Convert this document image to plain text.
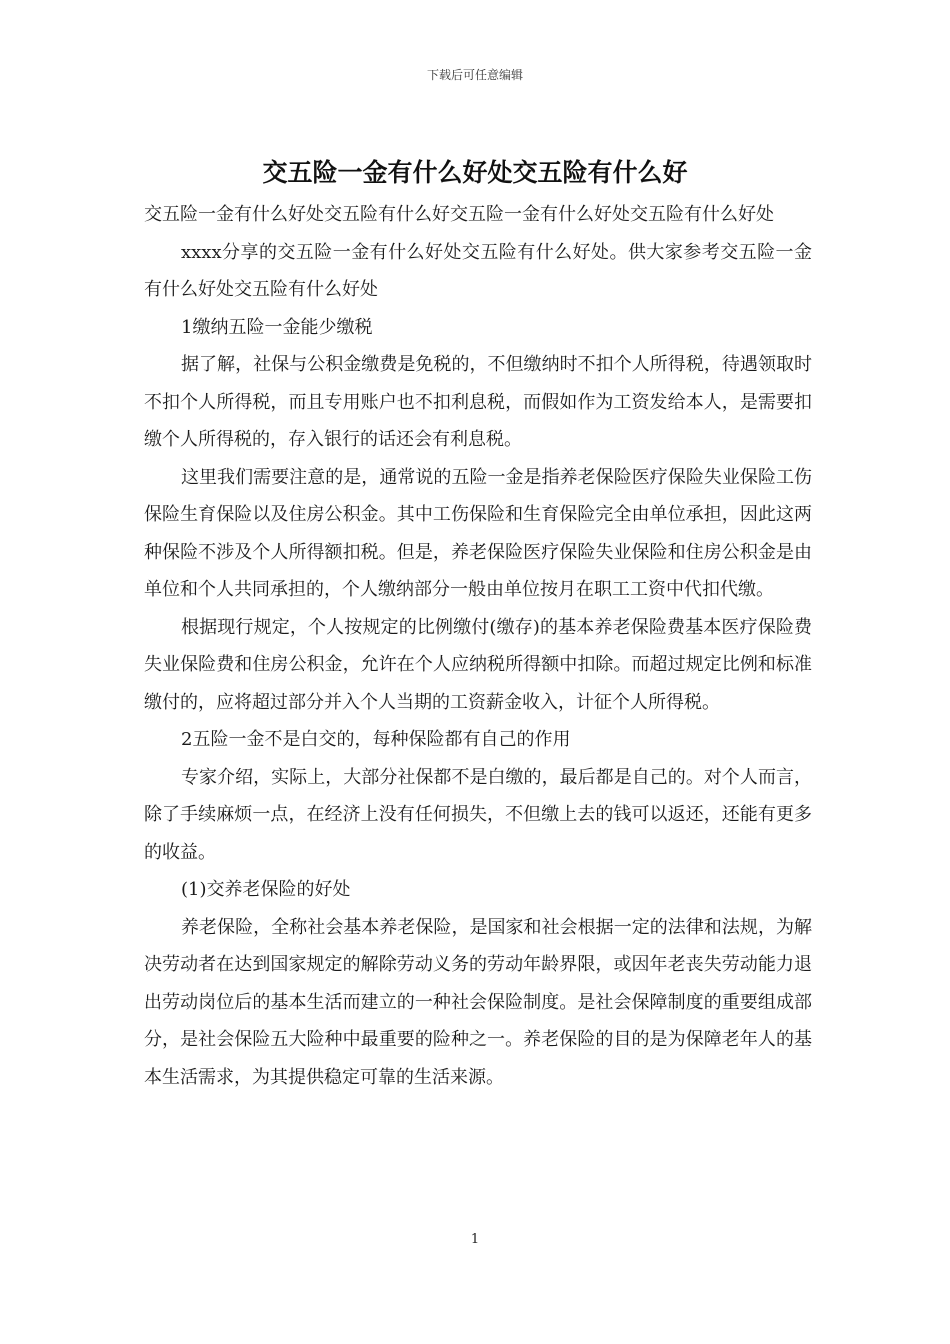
下载后可任意编辑
交五险一金有什么好处交五险有什么好

交五险一金有什么好处交五险有什么好交五险一金有什么好处交五险有什么好处

xxxx分享的交五险一金有什么好处交五险有什么好处。供大家参考交五险一金有什么好处交五险有什么好处

1缴纳五险一金能少缴税

据了解，社保与公积金缴费是免税的，不但缴纳时不扣个人所得税，待遇领取时不扣个人所得税，而且专用账户也不扣利息税，而假如作为工资发给本人，是需要扣缴个人所得税的，存入银行的话还会有利息税。

这里我们需要注意的是，通常说的五险一金是指养老保险医疗保险失业保险工伤保险生育保险以及住房公积金。其中工伤保险和生育保险完全由单位承担，因此这两种保险不涉及个人所得额扣税。但是，养老保险医疗保险失业保险和住房公积金是由单位和个人共同承担的，个人缴纳部分一般由单位按月在职工工资中代扣代缴。

根据现行规定，个人按规定的比例缴付(缴存)的基本养老保险费基本医疗保险费失业保险费和住房公积金，允许在个人应纳税所得额中扣除。而超过规定比例和标准缴付的，应将超过部分并入个人当期的工资薪金收入，计征个人所得税。

2五险一金不是白交的，每种保险都有自己的作用

专家介绍，实际上，大部分社保都不是白缴的，最后都是自己的。对个人而言，除了手续麻烦一点，在经济上没有任何损失，不但缴上去的钱可以返还，还能有更多的收益。

(1)交养老保险的好处

养老保险，全称社会基本养老保险，是国家和社会根据一定的法律和法规，为解决劳动者在达到国家规定的解除劳动义务的劳动年龄界限，或因年老丧失劳动能力退出劳动岗位后的基本生活而建立的一种社会保险制度。是社会保障制度的重要组成部分，是社会保险五大险种中最重要的险种之一。养老保险的目的是为保障老年人的基本生活需求，为其提供稳定可靠的生活来源。

1
